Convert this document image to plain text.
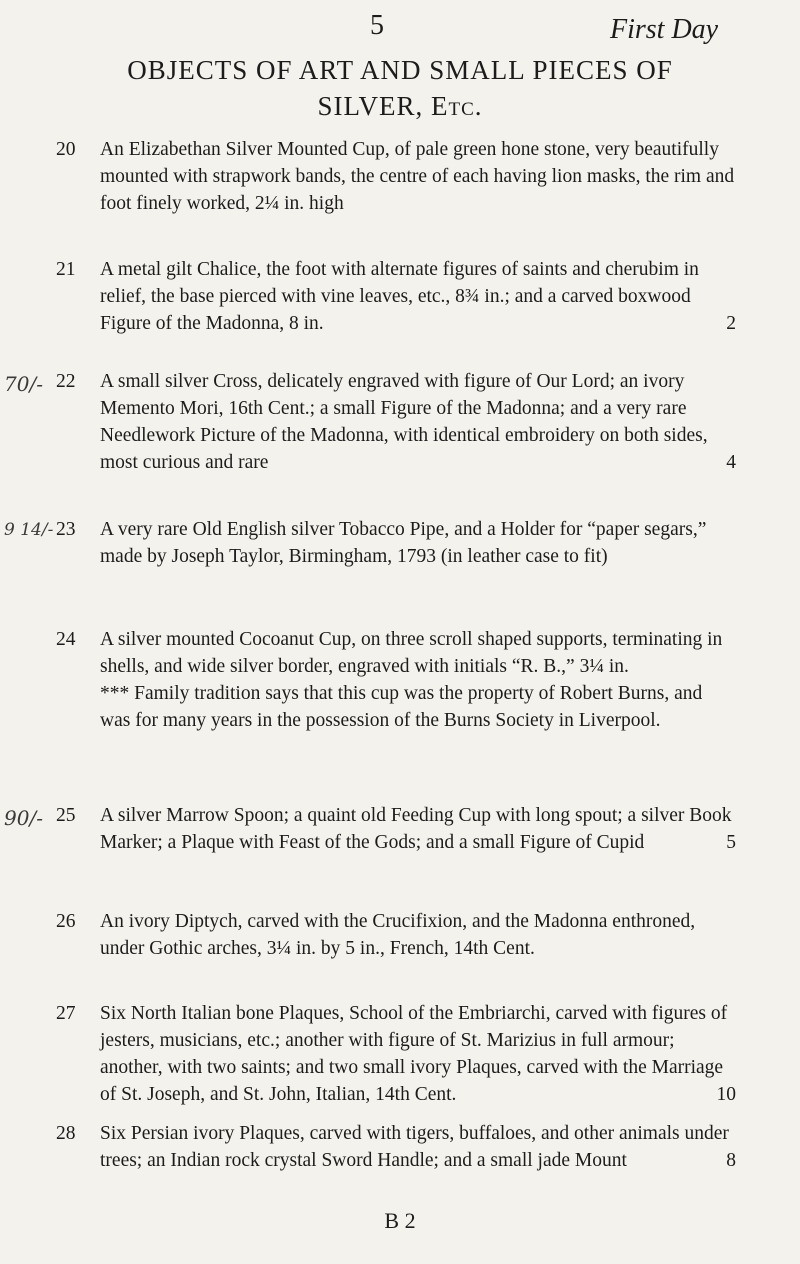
5	First Day
OBJECTS OF ART AND SMALL PIECES OF
SILVER, Etc.
20	An Elizabethan Silver Mounted Cup, of pale green hone stone, very beautifully mounted with strapwork bands, the centre of each having lion masks, the rim and foot finely worked, 2¼ in. high
21	A metal gilt Chalice, the foot with alternate figures of saints and cherubim in relief, the base pierced with vine leaves, etc., 8¾ in.; and a carved boxwood Figure of the Madonna, 8 in.	2
70/- 22	A small silver Cross, delicately engraved with figure of Our Lord; an ivory Memento Mori, 16th Cent.; a small Figure of the Madonna; and a very rare Needlework Picture of the Madonna, with identical embroidery on both sides, most curious and rare	4
9 14/- 23	A very rare Old English silver Tobacco Pipe, and a Holder for “paper segars,” made by Joseph Taylor, Birmingham, 1793 (in leather case to fit)
24	A silver mounted Cocoanut Cup, on three scroll shaped supports, terminating in shells, and wide silver border, engraved with initials “R. B.,” 3¼ in.
*** Family tradition says that this cup was the property of Robert Burns, and was for many years in the possession of the Burns Society in Liverpool.
90/- 25	A silver Marrow Spoon; a quaint old Feeding Cup with long spout; a silver Book Marker; a Plaque with Feast of the Gods; and a small Figure of Cupid	5
26	An ivory Diptych, carved with the Crucifixion, and the Madonna enthroned, under Gothic arches, 3¼ in. by 5 in., French, 14th Cent.
27	Six North Italian bone Plaques, School of the Embriarchi, carved with figures of jesters, musicians, etc.; another with figure of St. Marizius in full armour; another, with two saints; and two small ivory Plaques, carved with the Marriage of St. Joseph, and St. John, Italian, 14th Cent.	10
28	Six Persian ivory Plaques, carved with tigers, buffaloes, and other animals under trees; an Indian rock crystal Sword Handle; and a small jade Mount	8
B 2
